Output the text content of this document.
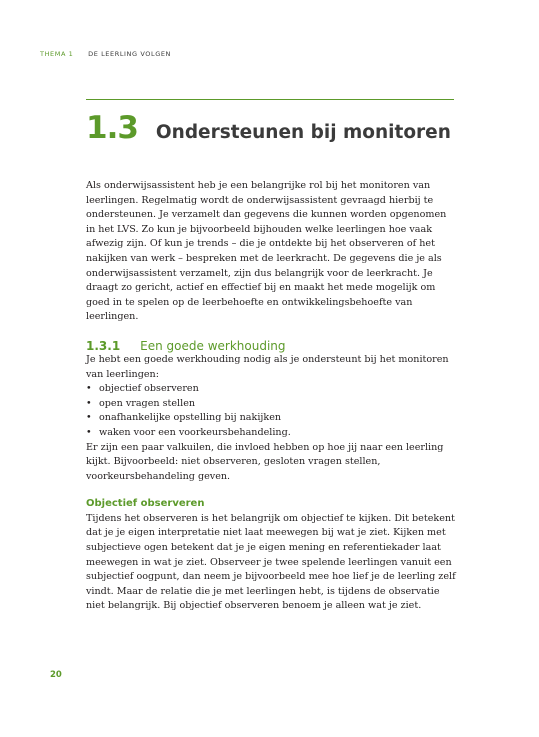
THEMA 1 DE LEERLING VOLGEN
1.3 Ondersteunen bij monitoren

Als onderwijsassistent heb je een belangrijke rol bij het monitoren van leerlingen. Regelmatig wordt de onderwijsassistent gevraagd hierbij te ondersteunen. Je verzamelt dan gegevens die kunnen worden opgenomen in het LVS. Zo kun je bijvoorbeeld bijhouden welke leerlingen hoe vaak afwezig zijn. Of kun je trends – die je ontdekte bij het observeren of het nakijken van werk – bespreken met de leerkracht. De gegevens die je als onderwijsassistent verzamelt, zijn dus belangrijk voor de leerkracht. Je draagt zo gericht, actief en effectief bij en maakt het mede mogelijk om goed in te spelen op de leerbehoefte en ontwikkelingsbehoefte van leerlingen.

1.3.1 Een goede werkhouding

Je hebt een goede werkhouding nodig als je ondersteunt bij het monitoren van leerlingen:

• objectief observeren
• open vragen stellen
• onafhankelijke opstelling bij nakijken
• waken voor een voorkeursbehandeling.

Er zijn een paar valkuilen, die invloed hebben op hoe jij naar een leerling kijkt. Bijvoorbeeld: niet observeren, gesloten vragen stellen, voorkeursbehandeling geven.

Objectief observeren

Tijdens het observeren is het belangrijk om objectief te kijken. Dit betekent dat je je eigen interpretatie niet laat meewegen bij wat je ziet. Kijken met subjectieve ogen betekent dat je je eigen mening en referentiekader laat meewegen in wat je ziet. Observeer je twee spelende leerlingen vanuit een subjectief oogpunt, dan neem je bijvoorbeeld mee hoe lief je de leerling zelf vindt. Maar de relatie die je met leerlingen hebt, is tijdens de observatie niet belangrijk. Bij objectief observeren benoem je alleen wat je ziet.

20
